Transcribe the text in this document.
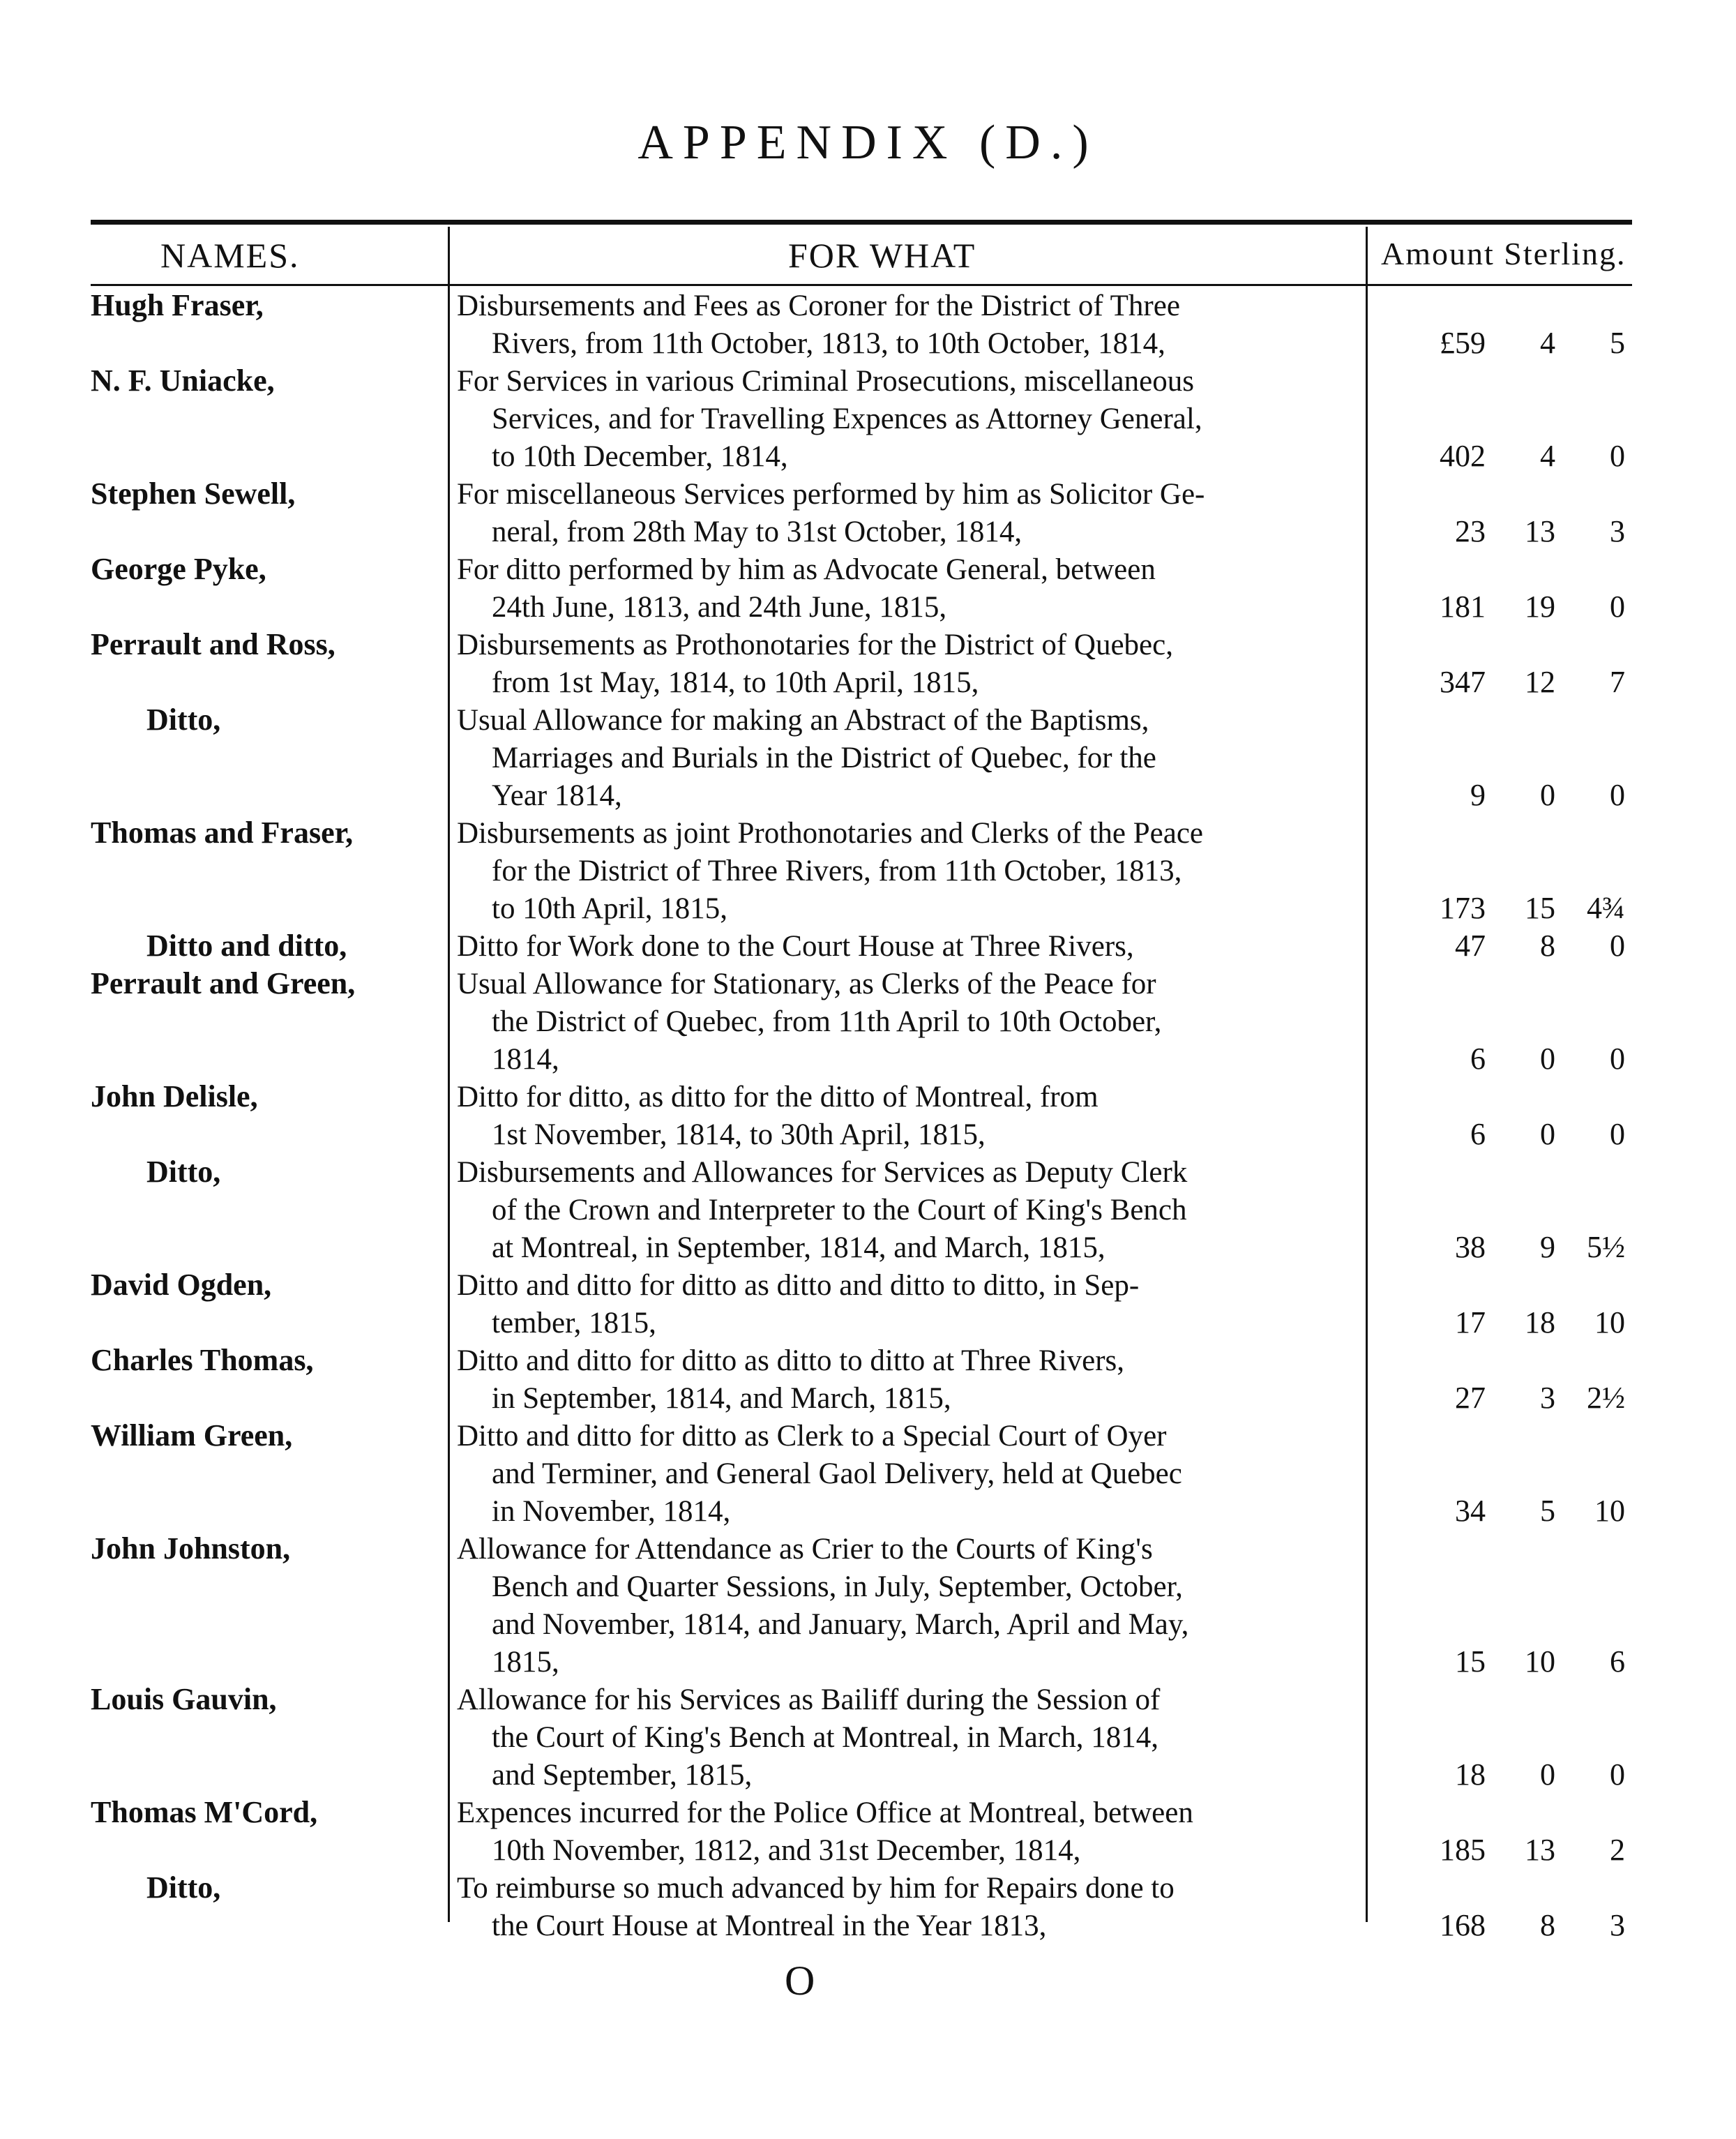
APPENDIX (D.)
NAMES.	FOR WHAT	Amount Sterling.
Hugh Fraser,	Disbursements and Fees as Coroner for the District of Three
Rivers, from 11th October, 1813, to 10th October, 1814,	£59	4	5
N. F. Uniacke,	For Services in various Criminal Prosecutions, miscellaneous
Services, and for Travelling Expences as Attorney General,
to 10th December, 1814,	402	4	0
Stephen Sewell,	For miscellaneous Services performed by him as Solicitor Ge-
neral, from 28th May to 31st October, 1814,	23	13	3
George Pyke,	For ditto performed by him as Advocate General, between
24th June, 1813, and 24th June, 1815,	181	19	0
Perrault and Ross,	Disbursements as Prothonotaries for the District of Quebec,
from 1st May, 1814, to 10th April, 1815,	347	12	7
Ditto,	Usual Allowance for making an Abstract of the Baptisms,
Marriages and Burials in the District of Quebec, for the
Year 1814,	9	0	0
Thomas and Fraser,	Disbursements as joint Prothonotaries and Clerks of the Peace
for the District of Three Rivers, from 11th October, 1813,
to 10th April, 1815,	173	15	4¾
Ditto and ditto,	Ditto for Work done to the Court House at Three Rivers,	47	8	0
Perrault and Green,	Usual Allowance for Stationary, as Clerks of the Peace for
the District of Quebec, from 11th April to 10th October,
1814,	6	0	0
John Delisle,	Ditto for ditto, as ditto for the ditto of Montreal, from
1st November, 1814, to 30th April, 1815,	6	0	0
Ditto,	Disbursements and Allowances for Services as Deputy Clerk
of the Crown and Interpreter to the Court of King's Bench
at Montreal, in September, 1814, and March, 1815,	38	9	5½
David Ogden,	Ditto and ditto for ditto as ditto and ditto to ditto, in Sep-
tember, 1815,	17	18	10
Charles Thomas,	Ditto and ditto for ditto as ditto to ditto at Three Rivers,
in September, 1814, and March, 1815,	27	3	2½
William Green,	Ditto and ditto for ditto as Clerk to a Special Court of Oyer
and Terminer, and General Gaol Delivery, held at Quebec
in November, 1814,	34	5	10
John Johnston,	Allowance for Attendance as Crier to the Courts of King's
Bench and Quarter Sessions, in July, September, October,
and November, 1814, and January, March, April and May,
1815,	15	10	6
Louis Gauvin,	Allowance for his Services as Bailiff during the Session of
the Court of King's Bench at Montreal, in March, 1814,
and September, 1815,	18	0	0
Thomas M'Cord,	Expences incurred for the Police Office at Montreal, between
10th November, 1812, and 31st December, 1814,	185	13	2
Ditto,	To reimburse so much advanced by him for Repairs done to
the Court House at Montreal in the Year 1813,	168	8	3
O
